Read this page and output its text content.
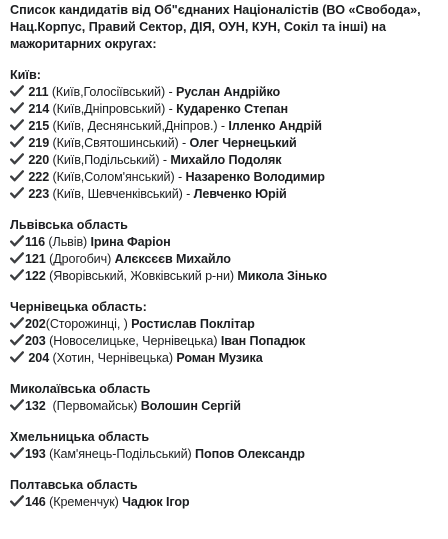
Список кандидатів від Об"єднаних Націоналістів (ВО «Свобода», Нац.Корпус, Правий Сектор, ДІЯ, ОУН, КУН, Сокіл та інші) на мажоритарних округах:
Київ:
211 (Київ,Голосіївський) - Руслан Андрійко
214 (Київ,Дніпровський) - Кударенко Степан
215 (Київ, Деснянський,Дніпров.) - Ілленко Андрій
219 (Київ,Святошинський) - Олег Чернецький
220 (Київ,Подільський) - Михайло Подоляк
222 (Київ,Солом'янський) - Назаренко Володимир
223 (Київ, Шевченківський) - Левченко Юрій
Львівська область
116 (Львів) Ірина Фаріон
121 (Дрогобич) Алєксєєв Михайло
122 (Яворівський, Жовківський р-ни) Микола Зінько
Чернівецька область:
202(Сторожинці, ) Ростислав Поклітар
203 (Новоселицьке, Чернівецька) Іван Попадюк
204 (Хотин, Чернівецька) Роман Музика
Миколаївська область
132  (Первомайськ) Волошин Сергій
Хмельницька область
193 (Кам'янець-Подільський) Попов Олександр
Полтавська область
146 (Кременчук) Чадюк Ігор
